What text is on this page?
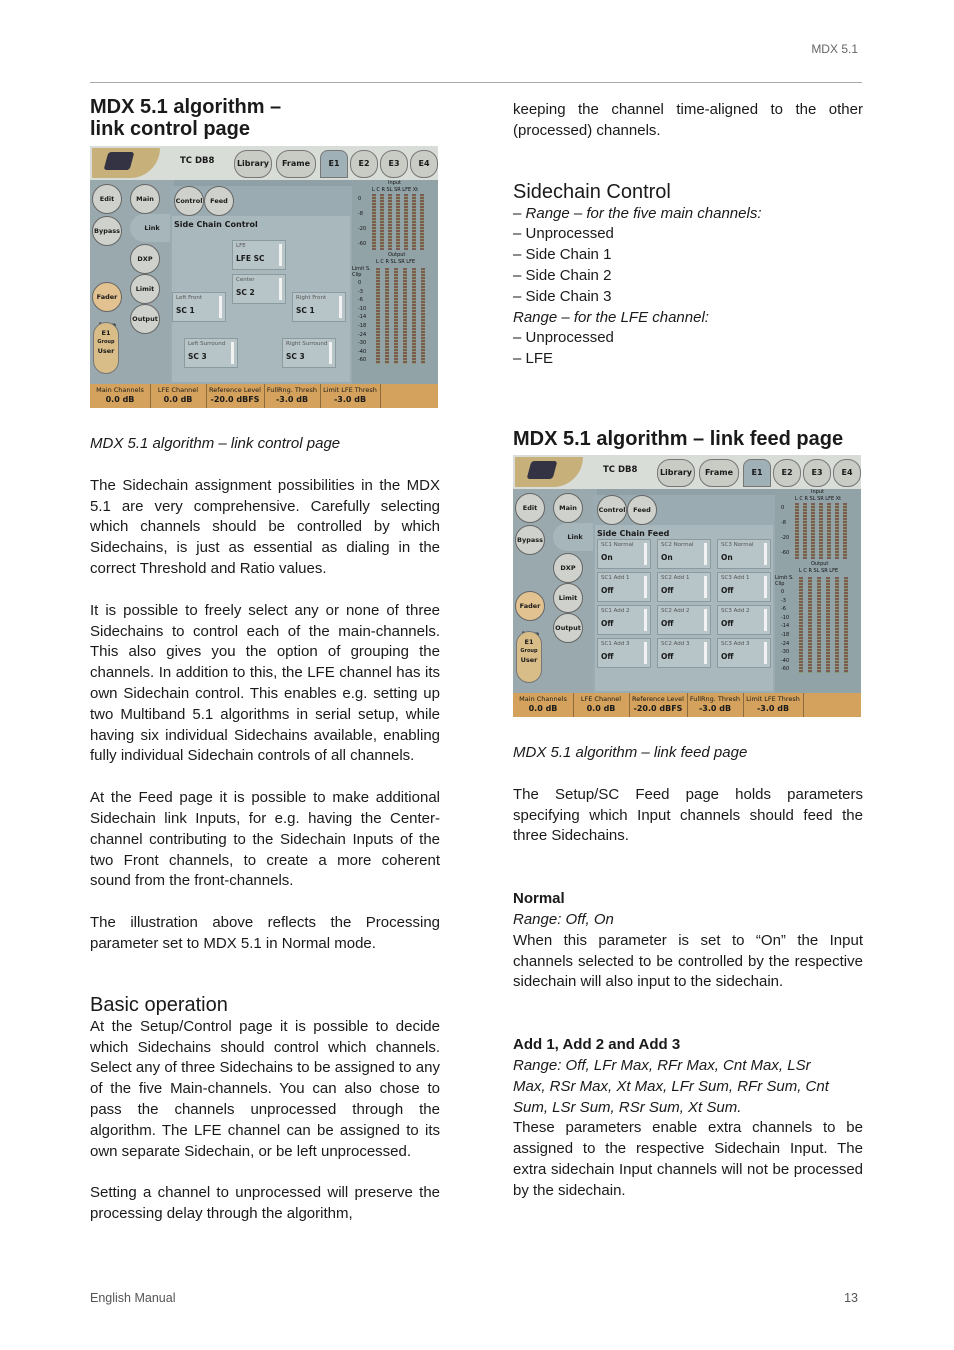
MDX 5.1
MDX 5.1 algorithm –
link control page
TC DB8	Library	Frame	E1	E2	E3	E4
Edit
Bypass
Fader
Main
Link
DXP
Limit
Output
E1
Group
User
Control	Feed
Side Chain Control
LFE
LFE SC
Center
SC 2
Left Front
SC 1
Right Front
SC 1
Left Surround
SC 3
Right Surround
SC 3
Input
L C R SL SR LFE Xt
Output
L C R SL SR LFE
Limit S. Clip
0
-8
-20
-60
0
-3
-6
-10
-14
-18
-24
-30
-40
-60
Main Channels
0.0 dB
LFE Channel
0.0 dB
Reference Level
-20.0 dBFS
FullRng. Thresh
-3.0 dB
Limit LFE Thresh
-3.0 dB

MDX 5.1 algorithm – link control page

The Sidechain assignment possibilities in the MDX 5.1 are very comprehensive. Carefully selecting which channels should be controlled by which Sidechains, is just as essential as dialing in the correct Threshold and Ratio values.

It is possible to freely select any or none of three Sidechains to control each of the main-channels. This also gives you the option of grouping the channels. In addition to this, the LFE channel has its own Sidechain control. This enables e.g. setting up two Multiband 5.1 algorithms in serial setup, while having six individual Sidechains available, enabling fully individual Sidechain controls of all channels.

At the Feed page it is possible to make additional Sidechain link Inputs, for e.g. having the Center-channel contributing to the Sidechain Inputs of the two Front channels, to create a more coherent sound from the front-channels.

The illustration above reflects the Processing parameter set to MDX 5.1 in Normal mode.

Basic operation

At the Setup/Control page it is possible to decide which Sidechains should control which channels. Select any of three Sidechains to be assigned to any of the five Main-channels. You can also chose to pass the channels unprocessed through the algorithm. The LFE channel can be assigned to its own separate Sidechain, or be left unprocessed.

Setting a channel to unprocessed will preserve the processing delay through the algorithm,

keeping the channel time-aligned to the other (processed) channels.

Sidechain Control
– Range – for the five main channels:
– Unprocessed
– Side Chain 1
– Side Chain 2
– Side Chain 3
Range – for the LFE channel:
– Unprocessed
– LFE
MDX 5.1 algorithm – link feed page
TC DB8	Library	Frame	E1	E2	E3	E4
Edit
Bypass
Fader
Main
Link
DXP
Limit
Output
E1
Group
User
Control	Feed
Side Chain Feed
SC1 Normal
On
SC2 Normal
On
SC3 Normal
On
SC1 Add 1
Off
SC2 Add 1
Off
SC3 Add 1
Off
SC1 Add 2
Off
SC2 Add 2
Off
SC3 Add 2
Off
SC1 Add 3
Off
SC2 Add 3
Off
SC3 Add 3
Off
Input
L C R SL SR LFE Xt
Output
L C R SL SR LFE
Limit S. Clip
0
-8
-20
-60
0
-3
-6
-10
-14
-18
-24
-30
-40
-60
Main Channels
0.0 dB
LFE Channel
0.0 dB
Reference Level
-20.0 dBFS
FullRng. Thresh
-3.0 dB
Limit LFE Thresh
-3.0 dB

MDX 5.1 algorithm – link feed page

The Setup/SC Feed page holds parameters specifying which Input channels should feed the three Sidechains.

Normal

Range: Off, On

When this parameter is set to “On” the Input channels selected to be controlled by the respective sidechain will also input to the sidechain.

Add 1, Add 2 and Add 3

Range: Off, LFr Max, RFr Max, Cnt Max, LSr Max, RSr Max, Xt Max, LFr Sum, RFr Sum, Cnt Sum, LSr Sum, RSr Sum, Xt Sum.

These parameters enable extra channels to be assigned to the respective Sidechain Input. The extra sidechain Input channels will not be processed by the sidechain.

English Manual	13
